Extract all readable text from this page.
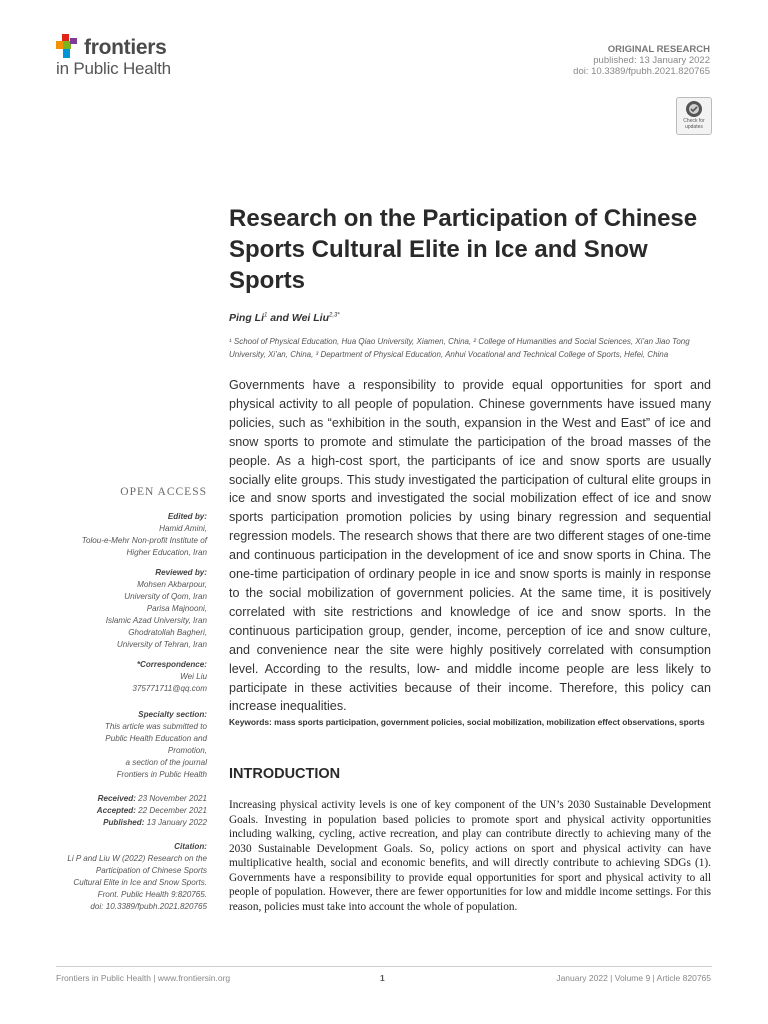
frontiers
in Public Health
ORIGINAL RESEARCH
published: 13 January 2022
doi: 10.3389/fpubh.2021.820765
Check for updates
Research on the Participation of Chinese Sports Cultural Elite in Ice and Snow Sports
Ping Li$^1$ and Wei Liu$^{2,3*}$
¹ School of Physical Education, Hua Qiao University, Xiamen, China, ² College of Humanities and Social Sciences, Xi’an Jiao Tong University, Xi’an, China, ³ Department of Physical Education, Anhui Vocational and Technical College of Sports, Hefei, China
Governments have a responsibility to provide equal opportunities for sport and physical activity to all people of population. Chinese governments have issued many policies, such as “exhibition in the south, expansion in the West and East” of ice and snow sports to promote and stimulate the participation of the broad masses of the people. As a high-cost sport, the participants of ice and snow sports are usually socially elite groups. This study investigated the participation of cultural elite groups in ice and snow sports and investigated the social mobilization effect of ice and snow sports participation promotion policies by using binary regression and sequential regression models. The research shows that there are two different stages of one-time and continuous participation in the development of ice and snow sports in China. The one-time participation of ordinary people in ice and snow sports is mainly in response to the social mobilization of government policies. At the same time, it is positively correlated with site restrictions and knowledge of ice and snow sports. In the continuous participation group, gender, income, perception of ice and snow culture, and convenience near the site were highly positively correlated with consumption level. According to the results, low- and middle income people are less likely to participate in these activities because of their income. Therefore, this policy can increase inequalities.
Keywords: mass sports participation, government policies, social mobilization, mobilization effect observations, sports
INTRODUCTION
Increasing physical activity levels is one of key component of the UN’s 2030 Sustainable Development Goals. Investing in population based policies to promote sport and physical activity opportunities including walking, cycling, active recreation, and play can contribute directly to achieving many of the 2030 Sustainable Development Goals. So, policy actions on sport and physical activity can have multiplicative health, social and economic benefits, and will directly contribute to achieving SDGs (1). Governments have a responsibility to provide equal opportunities for sport and physical activity to all people of population. However, there are fewer opportunities for low and middle income settings. For this reason, policies must take into account the whole of population.
OPEN ACCESS
Edited by:
Hamid Amini,
Tolou-e-Mehr Non-profit Institute of
Higher Education, Iran
Reviewed by:
Mohsen Akbarpour,
University of Qom, Iran
Parisa Majnooni,
Islamic Azad University, Iran
Ghodratollah Bagheri,
University of Tehran, Iran
*Correspondence:
Wei Liu
375771711@qq.com
Specialty section:
This article was submitted to
Public Health Education and
Promotion,
a section of the journal
Frontiers in Public Health
Received: 23 November 2021
Accepted: 22 December 2021
Published: 13 January 2022
Citation:
Li P and Liu W (2022) Research on the
Participation of Chinese Sports
Cultural Elite in Ice and Snow Sports.
Front. Public Health 9:820765.
doi: 10.3389/fpubh.2021.820765
Frontiers in Public Health | www.frontiersin.org	1	January 2022 | Volume 9 | Article 820765
